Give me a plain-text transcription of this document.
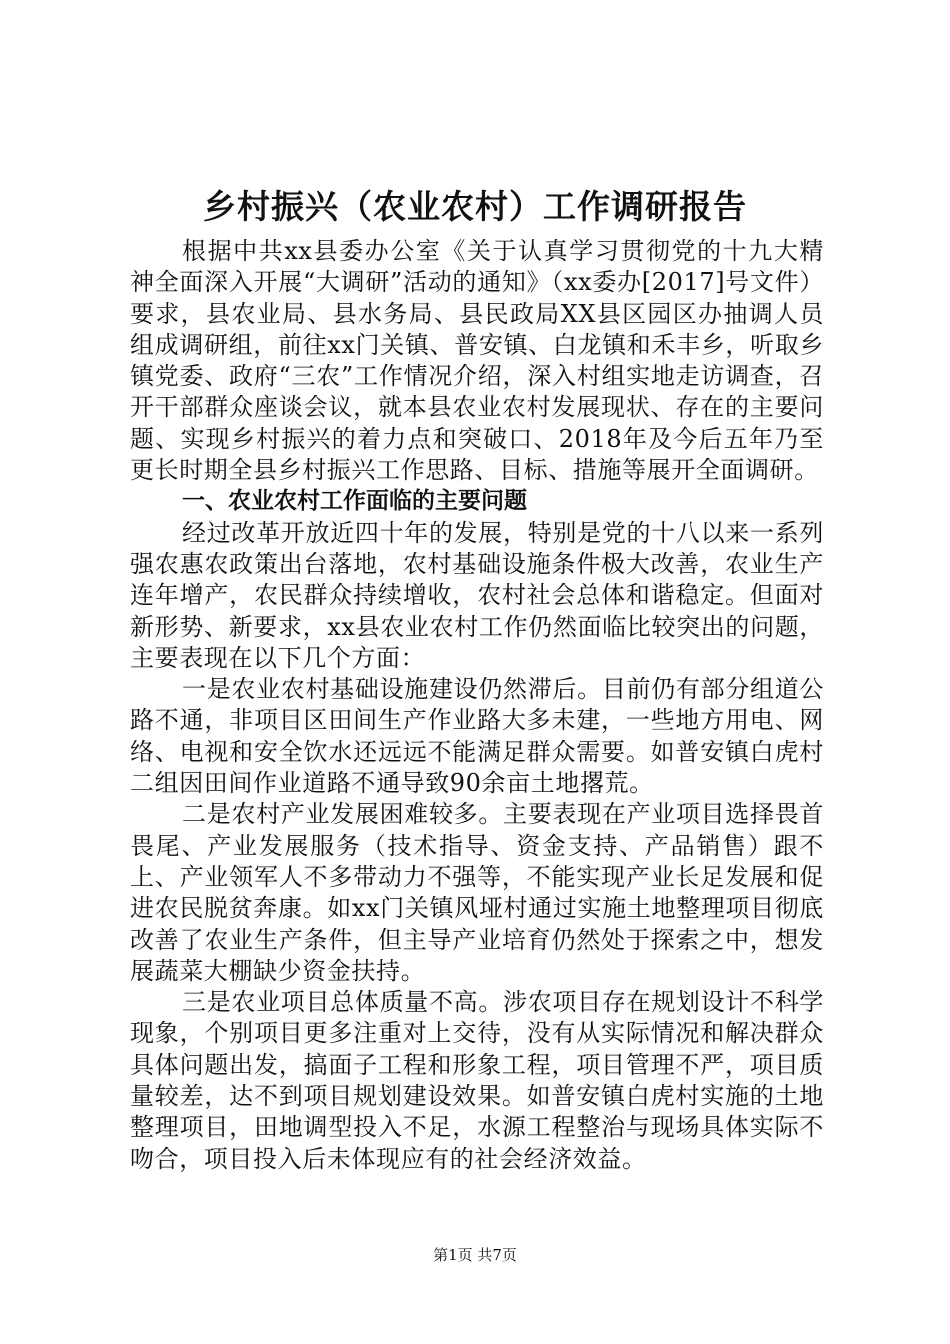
乡村振兴（农业农村）工作调研报告

根据中共xx县委办公室《关于认真学习贯彻党的十九大精神全面深入开展“大调研”活动的通知》（xx委办[2017]号文件）要求，县农业局、县水务局、县民政局XX县区园区办抽调人员组成调研组，前往xx门关镇、普安镇、白龙镇和禾丰乡，听取乡镇党委、政府“三农”工作情况介绍，深入村组实地走访调查，召开干部群众座谈会议，就本县农业农村发展现状、存在的主要问题、实现乡村振兴的着力点和突破口、2018年及今后五年乃至更长时期全县乡村振兴工作思路、目标、措施等展开全面调研。

一、农业农村工作面临的主要问题

经过改革开放近四十年的发展，特别是党的十八以来一系列强农惠农政策出台落地，农村基础设施条件极大改善，农业生产连年增产，农民群众持续增收，农村社会总体和谐稳定。但面对新形势、新要求，xx县农业农村工作仍然面临比较突出的问题，主要表现在以下几个方面：

一是农业农村基础设施建设仍然滞后。目前仍有部分组道公路不通，非项目区田间生产作业路大多未建，一些地方用电、网络、电视和安全饮水还远远不能满足群众需要。如普安镇白虎村二组因田间作业道路不通导致90余亩土地撂荒。

二是农村产业发展困难较多。主要表现在产业项目选择畏首畏尾、产业发展服务（技术指导、资金支持、产品销售）跟不上、产业领军人不多带动力不强等，不能实现产业长足发展和促进农民脱贫奔康。如xx门关镇风垭村通过实施土地整理项目彻底改善了农业生产条件，但主导产业培育仍然处于探索之中，想发展蔬菜大棚缺少资金扶持。

三是农业项目总体质量不高。涉农项目存在规划设计不科学现象，个别项目更多注重对上交待，没有从实际情况和解决群众具体问题出发，搞面子工程和形象工程，项目管理不严，项目质量较差，达不到项目规划建设效果。如普安镇白虎村实施的土地整理项目，田地调型投入不足，水源工程整治与现场具体实际不吻合，项目投入后未体现应有的社会经济效益。

第1页 共7页
